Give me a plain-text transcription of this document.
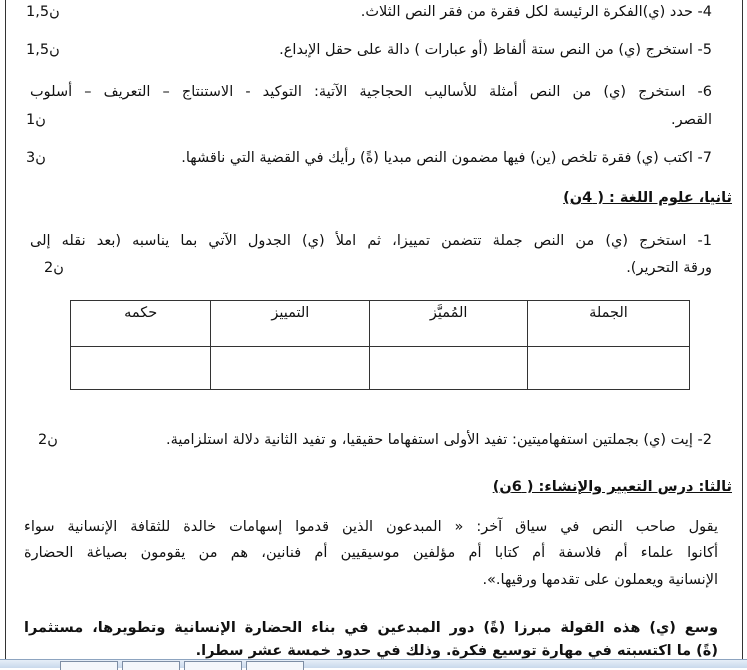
4- حدد (ي)الفكرة الرئيسة لكل فقرة من فقر النص الثلاث.
1,5ن
5- استخرج (ي) من النص ستة ألفاظ (أو عبارات ) دالة على حقل الإبداع.
1,5ن
6- استخرج (ي) من النص أمثلة للأساليب الحجاجية الآتية: التوكيد - الاستنتاج – التعريف – أسلوب
القصر.
1ن
7- اكتب (ي) فقرة تلخص (ين) فيها مضمون النص مبديا (ةً) رأيك في القضية التي ناقشها.
3ن
ثانيا، علوم اللغة : ( 4ن)
1- استخرج (ي) من النص جملة تتضمن تمييزا، ثم املأ (ي) الجدول الآتي بما يناسبه (بعد نقله إلى
ورقة التحرير).
2ن
2- إيت (ي) بجملتين استفهاميتين: تفيد الأولى استفهاما حقيقيا، و تفيد الثانية دلالة استلزامية.
2ن
ثالثا: درس التعبير والإنشاء: ( 6ن)
يقول صاحب النص في سياق آخر: « المبدعون الذين قدموا إسهامات خالدة للثقافة الإنسانية سواء
أكانوا علماء أم فلاسفة أم كتابا أم مؤلفين موسيقيين أم فنانين، هم من يقومون بصياغة الحضارة
الإنسانية ويعملون على تقدمها ورقيها.».
وسع (ي) هذه القولة مبرزا (ةً) دور المبدعين في بناء الحضارة الإنسانية وتطويرها، مستثمرا
(ةً) ما اكتسبته في مهارة توسيع فكرة. وذلك في حدود خمسة عشر سطرا.
الجملة	المُميَّز	التمييز	حكمه
